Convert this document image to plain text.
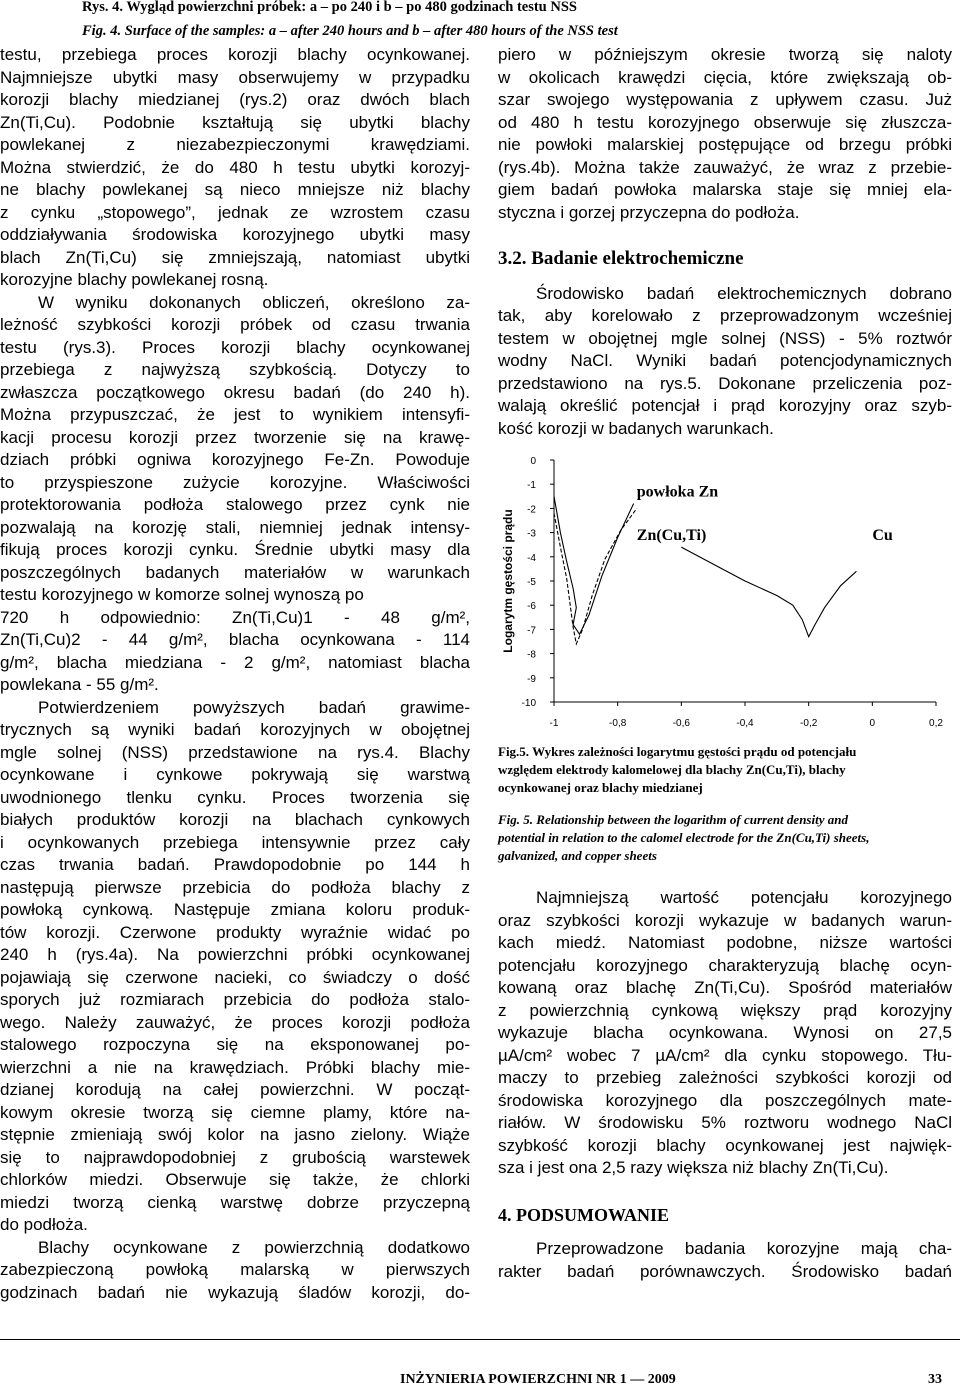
Rys. 4. Wygląd powierzchni próbek: a – po 240 i b – po 480 godzinach testu NSS
Fig. 4. Surface of the samples: a – after 240 hours and b – after 480 hours of the NSS test

testu, przebiega proces korozji blachy ocynkowanej.
Najmniejsze ubytki masy obserwujemy w przypadku
korozji blachy miedzianej (rys.2) oraz dwóch blach
Zn(Ti,Cu). Podobnie kształtują się ubytki blachy
powlekanej z niezabezpieczonymi krawędziami.
Można stwierdzić, że do 480 h testu ubytki korozyj-
ne blachy powlekanej są nieco mniejsze niż blachy
z cynku „stopowego”, jednak ze wzrostem czasu
oddziaływania środowiska korozyjnego ubytki masy
blach Zn(Ti,Cu) się zmniejszają, natomiast ubytki
korozyjne blachy powlekanej rosną.

W wyniku dokonanych obliczeń, określono za-
leżność szybkości korozji próbek od czasu trwania
testu (rys.3). Proces korozji blachy ocynkowanej
przebiega z najwyższą szybkością. Dotyczy to
zwłaszcza początkowego okresu badań (do 240 h).
Można przypuszczać, że jest to wynikiem intensyfi-
kacji procesu korozji przez tworzenie się na krawę-
dziach próbki ogniwa korozyjnego Fe-Zn. Powoduje
to przyspieszone zużycie korozyjne. Właściwości
protektorowania podłoża stalowego przez cynk nie
pozwalają na korozję stali, niemniej jednak intensy-
fikują proces korozji cynku. Średnie ubytki masy dla
poszczególnych badanych materiałów w warunkach
testu korozyjnego w komorze solnej wynoszą po

720 h odpowiednio: Zn(Ti,Cu)1 - 48 g/m²,
Zn(Ti,Cu)2 - 44 g/m², blacha ocynkowana - 114
g/m², blacha miedziana - 2 g/m², natomiast blacha
powlekana - 55 g/m².

Potwierdzeniem powyższych badań grawime-
trycznych są wyniki badań korozyjnych w obojętnej
mgle solnej (NSS) przedstawione na rys.4. Blachy
ocynkowane i cynkowe pokrywają się warstwą
uwodnionego tlenku cynku. Proces tworzenia się
białych produktów korozji na blachach cynkowych
i ocynkowanych przebiega intensywnie przez cały
czas trwania badań. Prawdopodobnie po 144 h
następują pierwsze przebicia do podłoża blachy z
powłoką cynkową. Następuje zmiana koloru produk-
tów korozji. Czerwone produkty wyraźnie widać po
240 h (rys.4a). Na powierzchni próbki ocynkowanej
pojawiają się czerwone nacieki, co świadczy o dość
sporych już rozmiarach przebicia do podłoża stalo-
wego. Należy zauważyć, że proces korozji podłoża
stalowego rozpoczyna się na eksponowanej po-
wierzchni a nie na krawędziach. Próbki blachy mie-
dzianej korodują na całej powierzchni. W począt-
kowym okresie tworzą się ciemne plamy, które na-
stępnie zmieniają swój kolor na jasno zielony. Wiąże
się to najprawdopodobniej z grubością warstewek
chlorków miedzi. Obserwuje się także, że chlorki
miedzi tworzą cienką warstwę dobrze przyczepną
do podłoża.

Blachy ocynkowane z powierzchnią dodatkowo
zabezpieczoną powłoką malarską w pierwszych
godzinach badań nie wykazują śladów korozji, do-

piero w późniejszym okresie tworzą się naloty
w okolicach krawędzi cięcia, które zwiększają ob-
szar swojego występowania z upływem czasu. Już
od 480 h testu korozyjnego obserwuje się złuszcza-
nie powłoki malarskiej postępujące od brzegu próbki
(rys.4b). Można także zauważyć, że wraz z przebie-
giem badań powłoka malarska staje się mniej ela-
styczna i gorzej przyczepna do podłoża.

3.2. Badanie elektrochemiczne

Środowisko badań elektrochemicznych dobrano
tak, aby korelowało z przeprowadzonym wcześniej
testem w obojętnej mgle solnej (NSS) - 5% roztwór
wodny NaCl. Wyniki badań potencjodynamicznych
przedstawiono na rys.5. Dokonane przeliczenia poz-
walają określić potencjał i prąd korozyjny oraz szyb-
kość korozji w badanych warunkach.

0
-1
-2
-3
-4
-5
-6
-7
-8
-9
-10
-1	-0,8	-0,6	-0,4	-0,2	0	0,2
Logarytm gęstości prądu
powłoka Zn
Zn(Cu,Ti)	Cu
Fig.5. Wykres zależności logarytmu gęstości prądu od potencjału
względem elektrody kalomelowej dla blachy Zn(Cu,Ti), blachy
ocynkowanej oraz blachy miedzianej
Fig. 5. Relationship between the logarithm of current density and
potential in relation to the calomel electrode for the Zn(Cu,Ti) sheets,
galvanized, and copper sheets

Najmniejszą wartość potencjału korozyjnego
oraz szybkości korozji wykazuje w badanych warun-
kach miedź. Natomiast podobne, niższe wartości
potencjału korozyjnego charakteryzują blachę ocyn-
kowaną oraz blachę Zn(Ti,Cu). Spośród materiałów
z powierzchnią cynkową większy prąd korozyjny
wykazuje blacha ocynkowana. Wynosi on 27,5

µA/cm² wobec 7 µA/cm² dla cynku stopowego. Tłu-

maczy to przebieg zależności szybkości korozji od
środowiska korozyjnego dla poszczególnych mate-
riałów. W środowisku 5% roztworu wodnego NaCl
szybkość korozji blachy ocynkowanej jest najwięk-
sza i jest ona 2,5 razy większa niż blachy Zn(Ti,Cu).

4. PODSUMOWANIE

Przeprowadzone badania korozyjne mają cha-
rakter badań porównawczych. Środowisko badań

INŻYNIERIA POWIERZCHNI NR 1 — 2009	33
